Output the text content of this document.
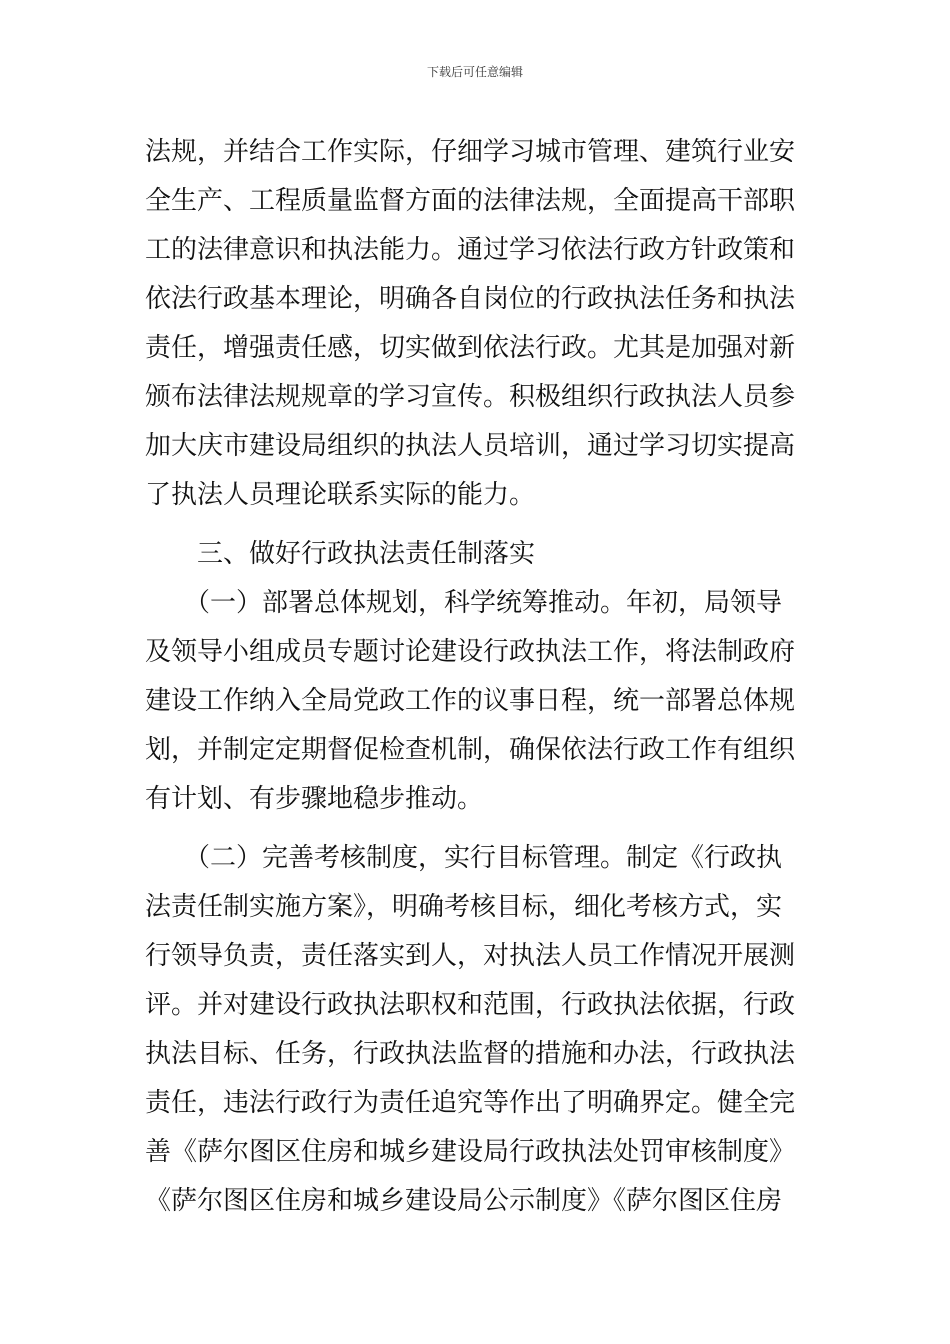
下载后可任意编辑
法规，并结合工作实际，仔细学习城市管理、建筑行业安
全生产、工程质量监督方面的法律法规，全面提高干部职
工的法律意识和执法能力。通过学习依法行政方针政策和
依法行政基本理论，明确各自岗位的行政执法任务和执法
责任，增强责任感，切实做到依法行政。尤其是加强对新
颁布法律法规规章的学习宣传。积极组织行政执法人员参
加大庆市建设局组织的执法人员培训，通过学习切实提高
了执法人员理论联系实际的能力。
　　三、做好行政执法责任制落实
　　（一）部署总体规划，科学统筹推动。年初，局领导
及领导小组成员专题讨论建设行政执法工作，将法制政府
建设工作纳入全局党政工作的议事日程，统一部署总体规
划，并制定定期督促检查机制，确保依法行政工作有组织
有计划、有步骤地稳步推动。
　　（二）完善考核制度，实行目标管理。制定《行政执
法责任制实施方案》，明确考核目标，细化考核方式，实
行领导负责，责任落实到人，对执法人员工作情况开展测
评。并对建设行政执法职权和范围，行政执法依据，行政
执法目标、任务，行政执法监督的措施和办法，行政执法
责任，违法行政行为责任追究等作出了明确界定。健全完
善《萨尔图区住房和城乡建设局行政执法处罚审核制度》
《萨尔图区住房和城乡建设局公示制度》《萨尔图区住房
